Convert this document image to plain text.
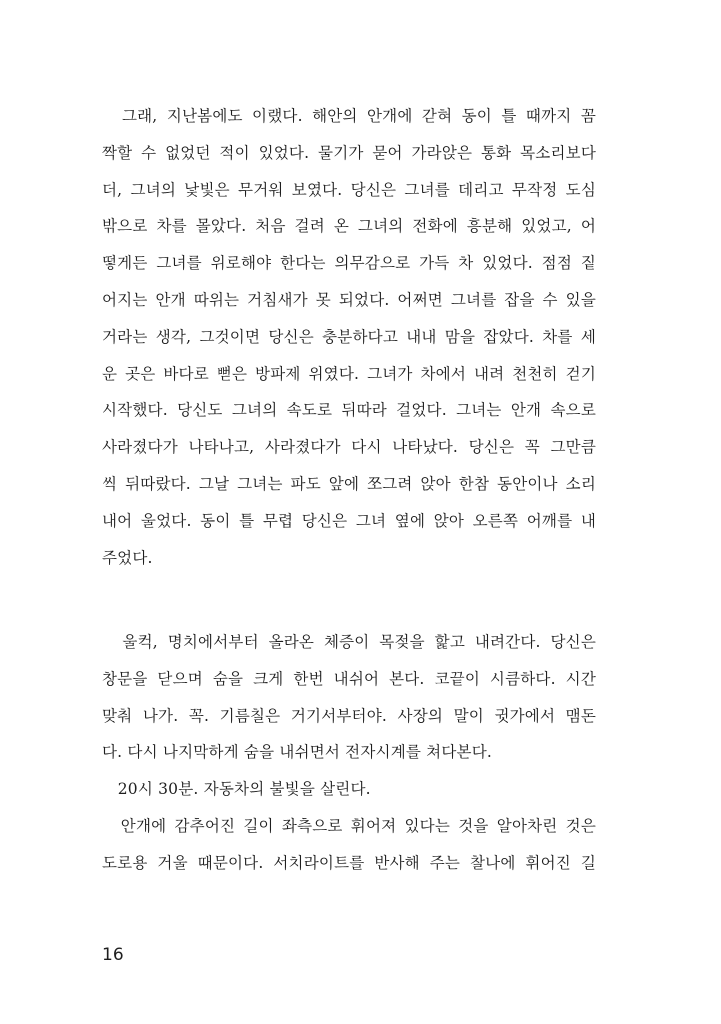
　그래, 지난봄에도 이랬다. 해안의 안개에 갇혀 동이 틀 때까지 꼼
짝할 수 없었던 적이 있었다. 물기가 묻어 가라앉은 통화 목소리보다
더, 그녀의 낯빛은 무거워 보였다. 당신은 그녀를 데리고 무작정 도심
밖으로 차를 몰았다. 처음 걸려 온 그녀의 전화에 흥분해 있었고, 어
떻게든 그녀를 위로해야 한다는 의무감으로 가득 차 있었다. 점점 짙
어지는 안개 따위는 거침새가 못 되었다. 어쩌면 그녀를 잡을 수 있을
거라는 생각, 그것이면 당신은 충분하다고 내내 맘을 잡았다. 차를 세
운 곳은 바다로 뻗은 방파제 위였다. 그녀가 차에서 내려 천천히 걷기
시작했다. 당신도 그녀의 속도로 뒤따라 걸었다. 그녀는 안개 속으로
사라졌다가 나타나고, 사라졌다가 다시 나타났다. 당신은 꼭 그만큼
씩 뒤따랐다. 그날 그녀는 파도 앞에 쪼그려 앉아 한참 동안이나 소리
내어 울었다. 동이 틀 무렵 당신은 그녀 옆에 앉아 오른쪽 어깨를 내
주었다.
　울컥, 명치에서부터 올라온 체증이 목젖을 핥고 내려간다. 당신은
창문을 닫으며 숨을 크게 한번 내쉬어 본다. 코끝이 시큼하다. 시간
맞춰 나가. 꼭. 기름칠은 거기서부터야. 사장의 말이 귓가에서 맴돈
다. 다시 나지막하게 숨을 내쉬면서 전자시계를 쳐다본다.
　20시 30분. 자동차의 불빛을 살린다.
　안개에 감추어진 길이 좌측으로 휘어져 있다는 것을 알아차린 것은
도로용 거울 때문이다. 서치라이트를 반사해 주는 찰나에 휘어진 길
16
